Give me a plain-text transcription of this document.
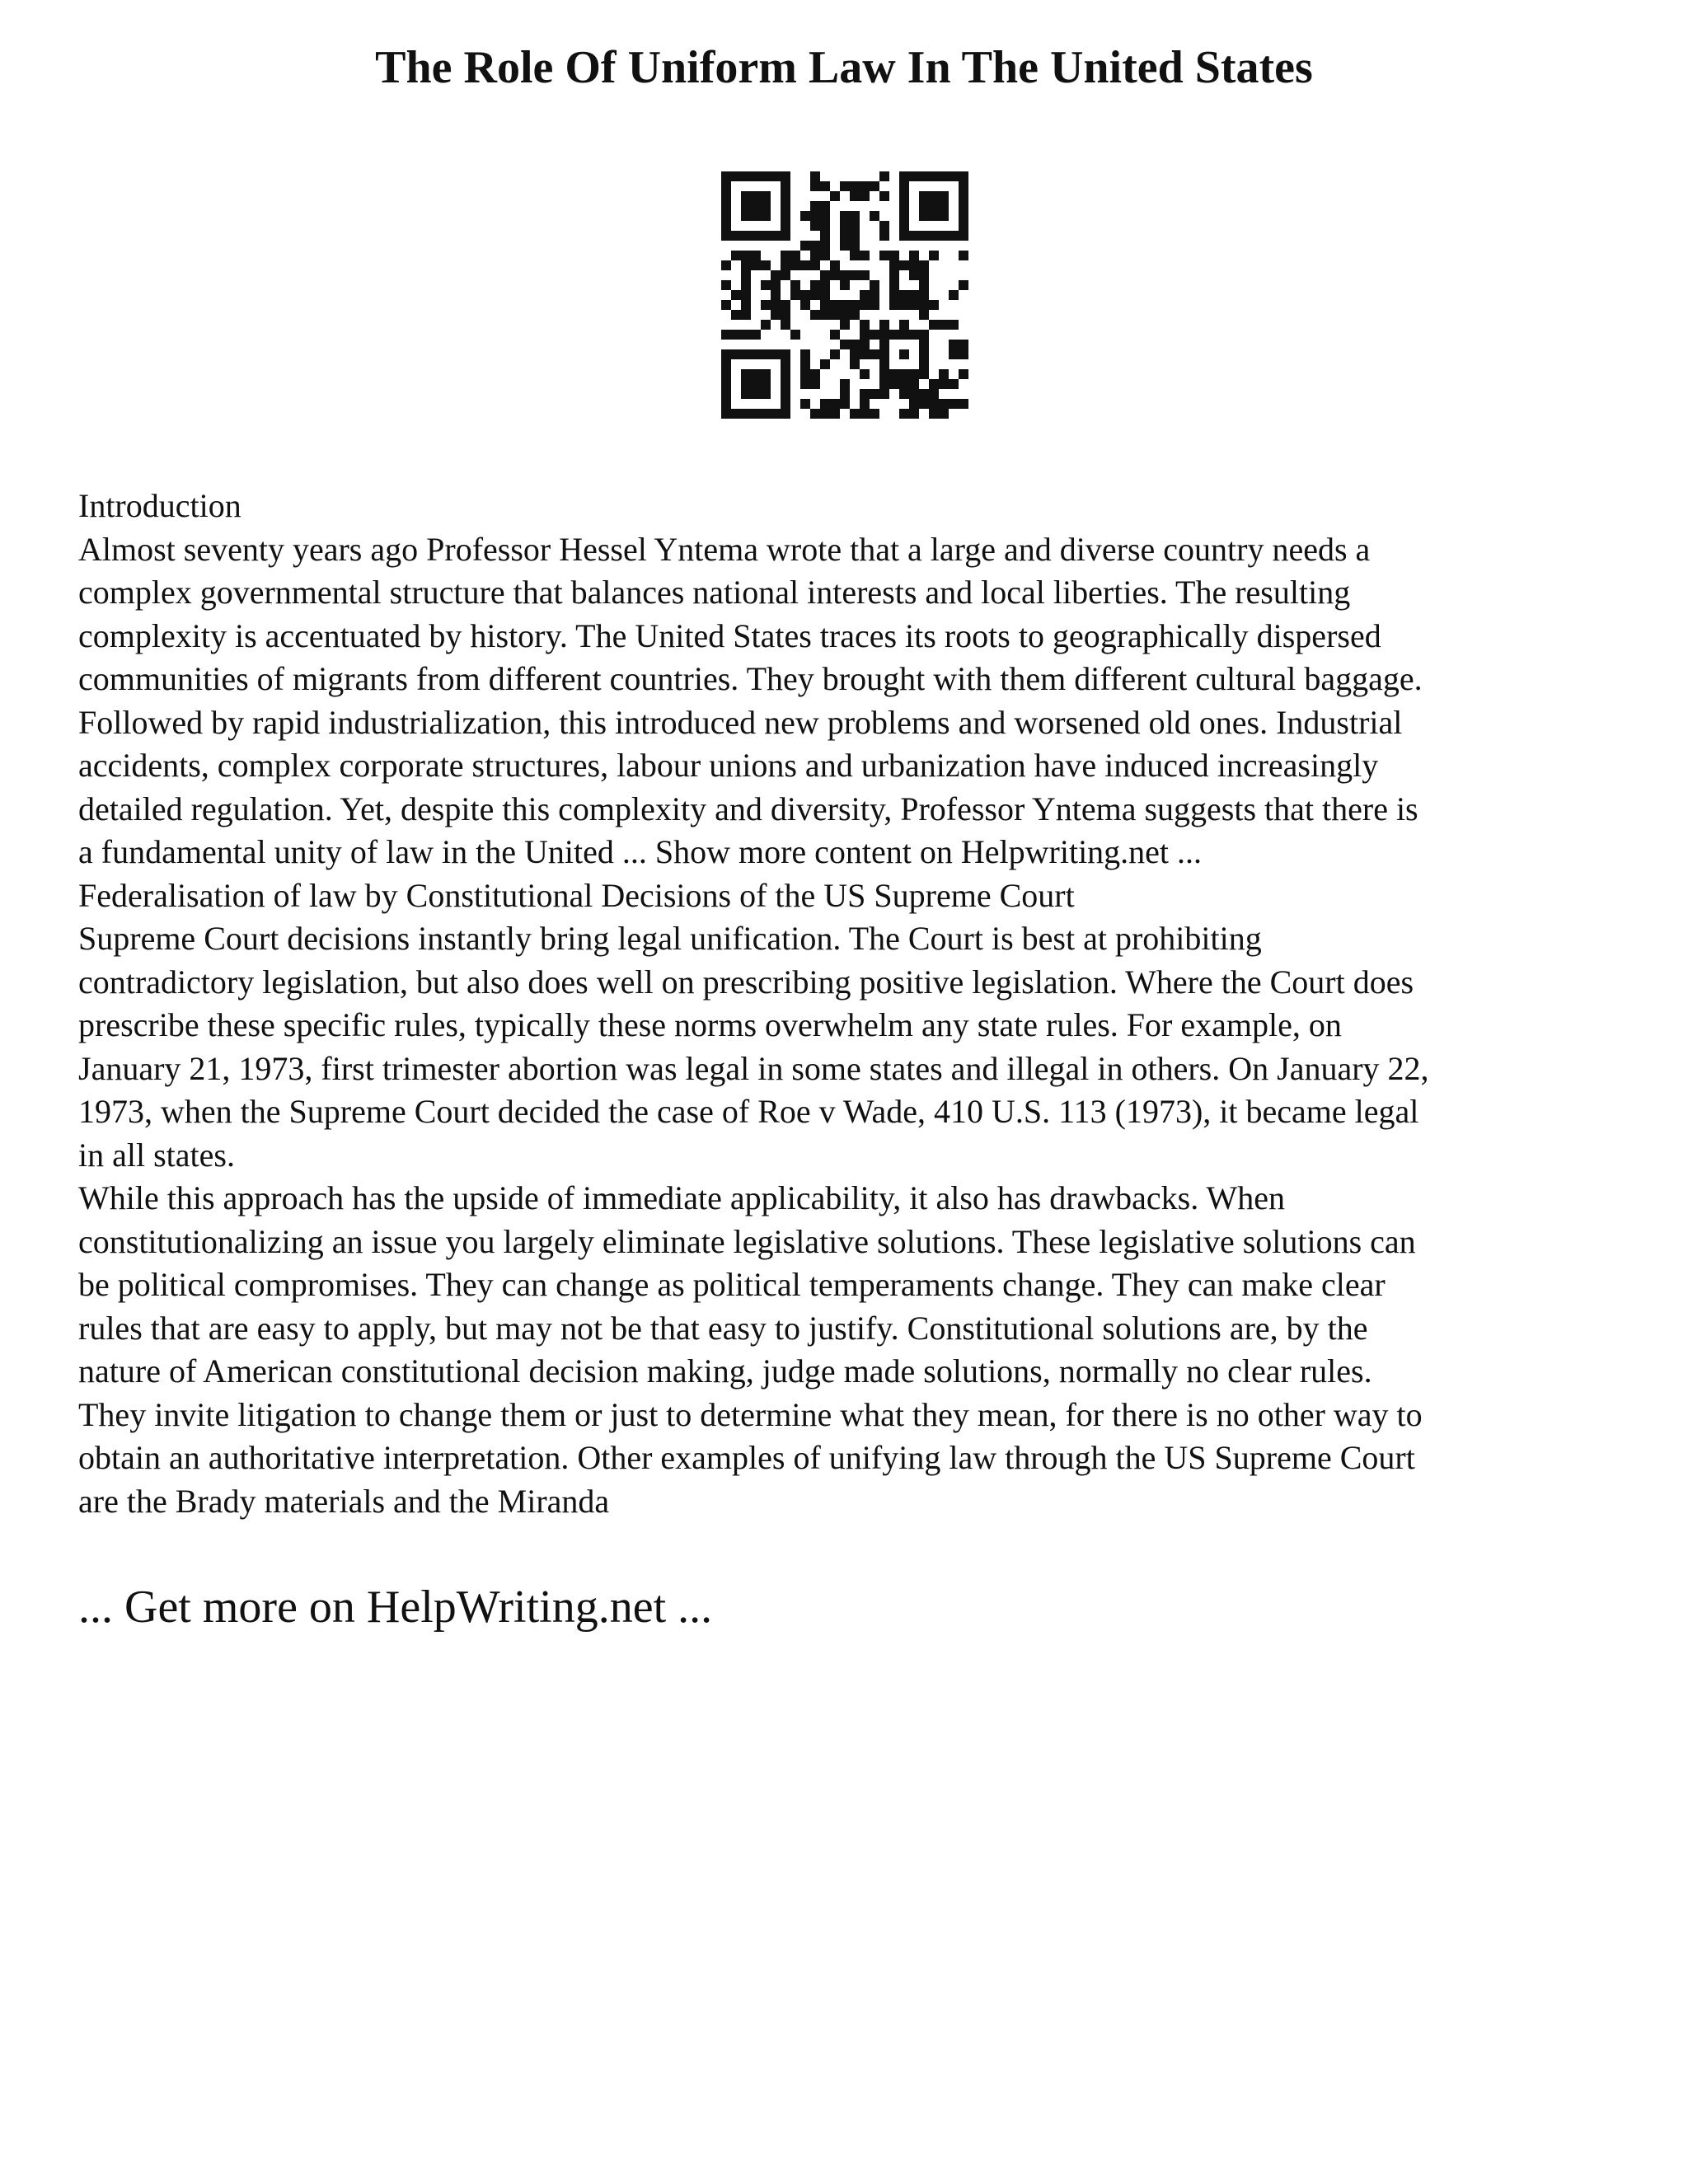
The Role Of Uniform Law In The United States
Introduction
Almost seventy years ago Professor Hessel Yntema wrote that a large and diverse country needs a
complex governmental structure that balances national interests and local liberties. The resulting
complexity is accentuated by history. The United States traces its roots to geographically dispersed
communities of migrants from different countries. They brought with them different cultural baggage.
Followed by rapid industrialization, this introduced new problems and worsened old ones. Industrial
accidents, complex corporate structures, labour unions and urbanization have induced increasingly
detailed regulation. Yet, despite this complexity and diversity, Professor Yntema suggests that there is
a fundamental unity of law in the United ... Show more content on Helpwriting.net ...
Federalisation of law by Constitutional Decisions of the US Supreme Court
Supreme Court decisions instantly bring legal unification. The Court is best at prohibiting
contradictory legislation, but also does well on prescribing positive legislation. Where the Court does
prescribe these specific rules, typically these norms overwhelm any state rules. For example, on
January 21, 1973, first trimester abortion was legal in some states and illegal in others. On January 22,
1973, when the Supreme Court decided the case of Roe v Wade, 410 U.S. 113 (1973), it became legal
in all states.
While this approach has the upside of immediate applicability, it also has drawbacks. When
constitutionalizing an issue you largely eliminate legislative solutions. These legislative solutions can
be political compromises. They can change as political temperaments change. They can make clear
rules that are easy to apply, but may not be that easy to justify. Constitutional solutions are, by the
nature of American constitutional decision making, judge made solutions, normally no clear rules.
They invite litigation to change them or just to determine what they mean, for there is no other way to
obtain an authoritative interpretation. Other examples of unifying law through the US Supreme Court
are the Brady materials and the Miranda
... Get more on HelpWriting.net ...
